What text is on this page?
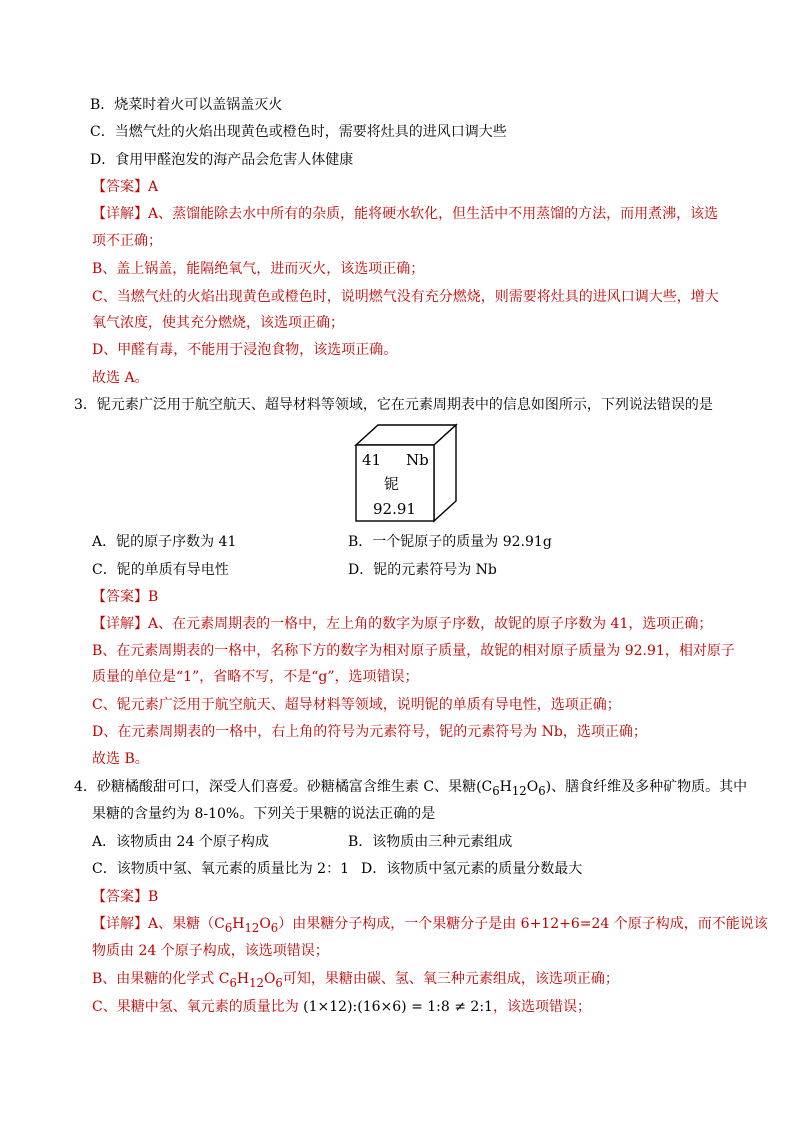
B．烧菜时着火可以盖锅盖灭火
C．当燃气灶的火焰出现黄色或橙色时，需要将灶具的进风口调大些
D．食用甲醛泡发的海产品会危害人体健康
【答案】A
【详解】A、蒸馏能除去水中所有的杂质，能将硬水软化，但生活中不用蒸馏的方法，而用煮沸，该选
项不正确；
B、盖上锅盖，能隔绝氧气，进而灭火，该选项正确；
C、当燃气灶的火焰出现黄色或橙色时，说明燃气没有充分燃烧，则需要将灶具的进风口调大些，增大
氧气浓度，使其充分燃烧，该选项正确；
D、甲醛有毒，不能用于浸泡食物，该选项正确。
故选 A。
3．铌元素广泛用于航空航天、超导材料等领域，它在元素周期表中的信息如图所示，下列说法错误的是
41 Nb
铌
92.91
A．铌的原子序数为 41	B．一个铌原子的质量为 92.91g
C．铌的单质有导电性	D．铌的元素符号为 Nb
【答案】B
【详解】A、在元素周期表的一格中，左上角的数字为原子序数，故铌的原子序数为 41，选项正确；
B、在元素周期表的一格中，名称下方的数字为相对原子质量，故铌的相对原子质量为 92.91，相对原子
质量的单位是“1”，省略不写，不是“g”，选项错误；
C、铌元素广泛用于航空航天、超导材料等领域，说明铌的单质有导电性，选项正确；
D、在元素周期表的一格中，右上角的符号为元素符号，铌的元素符号为 Nb，选项正确；
故选 B。
4．砂糖橘酸甜可口，深受人们喜爱。砂糖橘富含维生素 C、果糖$(C_6H_{12}O_6)$、膳食纤维及多种矿物质。其中
果糖的含量约为 8-10%。下列关于果糖的说法正确的是
A．该物质由 24 个原子构成	B．该物质由三种元素组成
C．该物质中氢、氧元素的质量比为 2：1 D．该物质中氢元素的质量分数最大
【答案】B
【详解】A、果糖$(C_6H_{12}O_6)$由果糖分子构成，一个果糖分子是由 6+12+6=24 个原子构成，而不能说该
物质由 24 个原子构成，该选项错误；
B、由果糖的化学式 $C_6H_{12}O_6$可知，果糖由碳、氢、氧三种元素组成，该选项正确；
C、果糖中氢、氧元素的质量比为 (1×12):(16×6) = 1:8 ≠ 2:1，该选项错误；
